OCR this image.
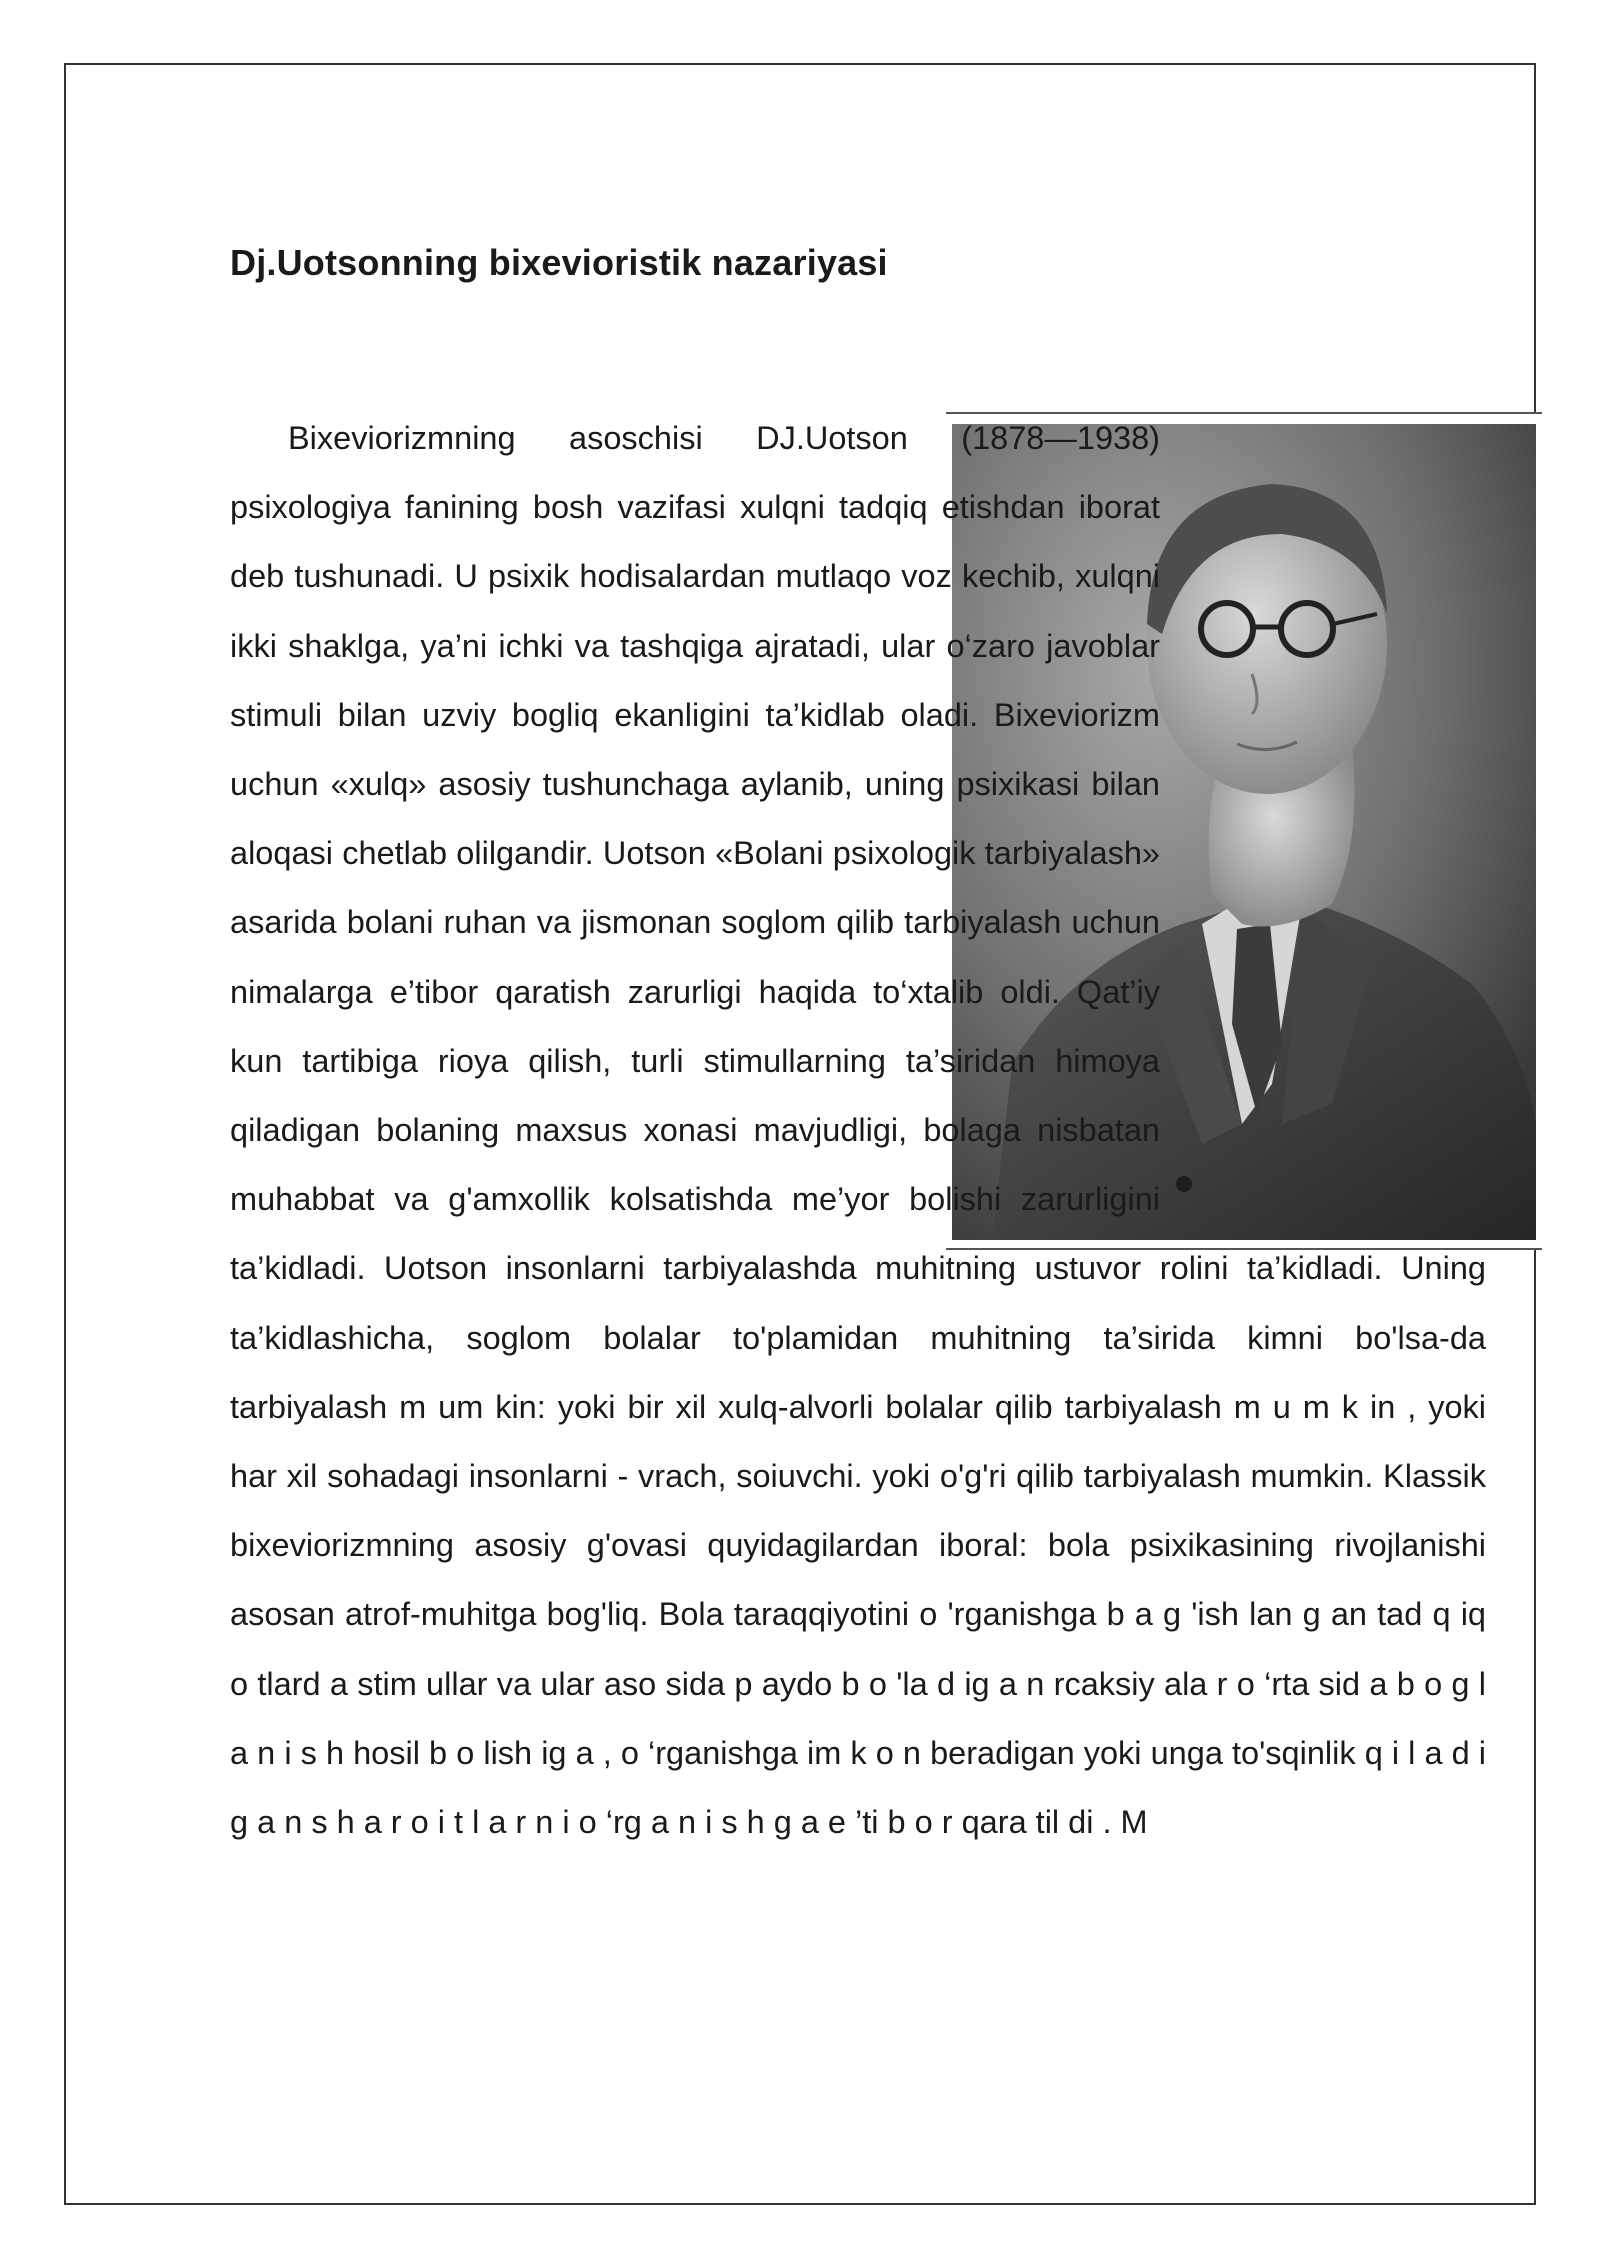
Dj.Uotsonning bixevioristik nazariyasi

Bixeviorizmning asoschisi DJ.Uotson (1878—1938) psixologiya fanining bosh vazifasi xulqni tadqiq etishdan iborat deb tushunadi. U psixik hodisalardan mutlaqo voz kechib, xulqni ikki shaklga, ya’ni ichki va tashqiga ajratadi, ular o‘zaro javoblar stimuli bilan uzviy bogliq ekanligini ta’kidlab oladi. Bixeviorizm uchun «xulq» asosiy tushunchaga aylanib, uning psixikasi bilan aloqasi chetlab olilgandir. Uotson «Bolani psixologik tarbiyalash» asarida bolani ruhan va jismonan soglom qilib tarbiyalash uchun nimalarga e’tibor qaratish zarurligi haqida to‘xtalib oldi. Qat’iy kun tartibiga rioya qilish, turli stimullarning ta’siridan himoya qiladigan bolaning maxsus xonasi mavjudligi, bolaga nisbatan muhabbat va g'amxollik kolsatishda me’yor bolishi zarurligini ta’kidladi. Uotson insonlarni tarbiyalashda muhitning ustuvor rolini ta’kidladi. Uning ta’kidlashicha, soglom bolalar to'plamidan muhitning ta’sirida kimni bo'lsa-da tarbiyalash m um kin: yoki bir xil xulq-alvorli bolalar qilib tarbiyalash m u m k in , yoki har xil sohadagi insonlarni - vrach, soiuvchi. yoki o'g'ri qilib tarbiyalash mumkin. Klassik bixeviorizmning asosiy g'ovasi quyidagilardan iboral: bola psixikasining rivojlanishi asosan atrof-muhitga bog'liq. Bola taraqqiyotini o 'rganishga b a g 'ish lan g an tad q iq o tlard a stim ullar va ular aso sida p aydo b o 'la d ig a n rcaksiy ala r o ‘rta sid a b o g l a n i s h hosil b o lish ig a , o ‘rganishga im k o n beradigan yoki unga to'sqinlik q i l a d i g a n s h a r o i t l a r n i o ‘rg a n i s h g a e ’ti b o r qara til di . M
